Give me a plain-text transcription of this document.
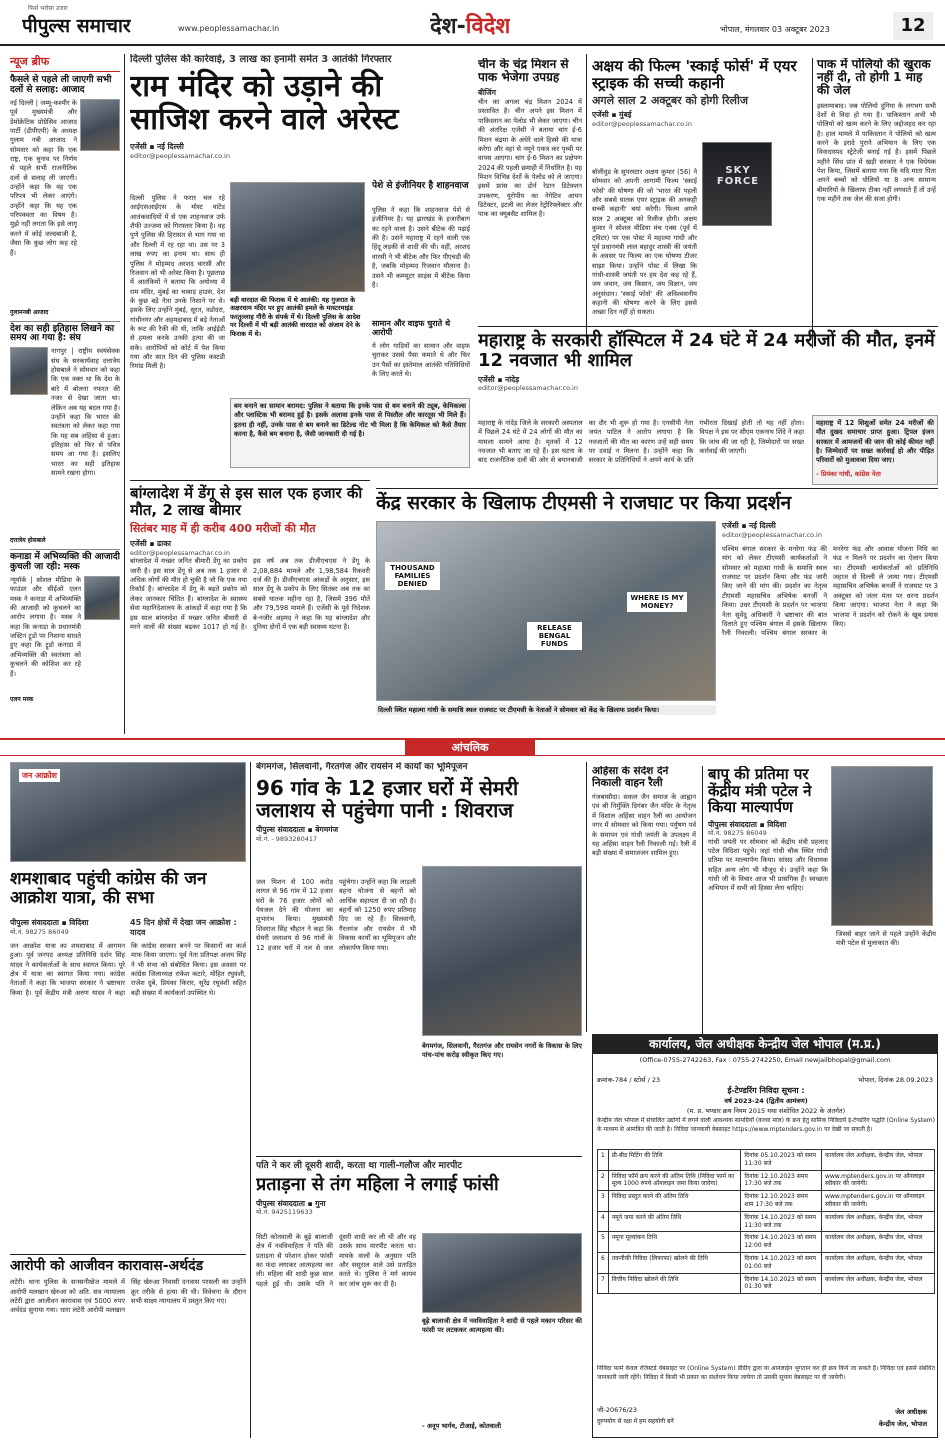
फिर्स भरोसा उजार
पीपुल्स समाचार	www.peoplessamachar.in	देश-विदेश	भोपाल, मंगलवार 03 अक्टूबर 2023	12
न्यूज ब्रीफ
फैसले से पहले ली जाएगी सभी दलों से सलाह: आजाद
नई दिल्ली | जम्मू-कश्मीर के पूर्व मुख्यमंत्री और डेमोक्रेटिक प्रोग्रेसिव आजाद पार्टी (डीपीएपी) के अध्यक्ष गुलाम नबी आजाद ने सोमवार को कहा कि एक राष्ट्र, एक चुनाव पर निर्णय से पहले सभी राजनीतिक दलों से सलाह ली जाएगी। उन्होंने कहा कि वह एक परिपत्र भी लेकर आएंगे। उन्होंने कहा कि यह एक परिपक्वता का विषय है। मुझे नहीं लगता कि इसे लागू करने में कोई जल्दबाजी है, जैसा कि कुछ लोग कह रहे हैं।
गुलामनबी आजाद
देश का सही इतिहास लिखने का समय आ गया है: संघ
नागपुर | राष्ट्रीय स्वयंसेवक संघ के सरकार्यवाह दत्तात्रेय होसबाले ने सोमवार को कहा कि एक वक्त था कि देश के बारे में बोलना नफरत की नजर से देखा जाता था। लेकिन अब यह बदल गया है। उन्होंने कहा कि भारत की स्वतंत्रता को लेकर कहा गया कि यह सब अहिंसा से हुआ। इतिहास को फिर से पवित्र समय आ गया है। इसलिए भारत का सही इतिहास सामने रखना होगा।
दत्तात्रेय होसबाले
कनाडा में अभिव्यक्ति की आजादी कुचली जा रही: मस्क
न्यूयॉर्क | सोशल मीडिया के फाउंडर और सीईओ एलन मस्क ने कनाडा में अभिव्यक्ति की आजादी को कुचलने का आरोप लगाया है। मस्क ने कहा कि कनाडा के प्रधानमंत्री जस्टिन ट्रूडो पर निशाना साधते हुए कहा कि ट्रूडो कनाडा में अभिव्यक्ति की स्वतंत्रता को कुचलने की कोशिश कर रहे हैं।
एलन मस्क
दिल्ली पुलिस की कार्रवाई, 3 लाख का इनामी समेत 3 आतंकी गिरफ्तार
राम मंदिर को उड़ाने की साजिश करने वाले अरेस्ट
एजेंसी ▪ नई दिल्ली
editor@peoplessamachar.co.in
दिल्ली पुलिस ने फरार चल रहे आईएसआईएस के मोस्ट वांटेड आतंकवादियों में से एक शाहनवाज उर्फ शैफी उज्जमा को गिरफ्तार किया है। वह पुणे पुलिस की हिरासत से भाग गया था और दिल्ली में रह रहा था। उस पर 3 लाख रुपए का इनाम था। साथ ही पुलिस ने मोहम्मद अरशद वारसी और रिजवान को भी अरेस्ट किया है। पूछताछ में आतंकियों ने बताया कि अयोध्या में राम मंदिर, मुंबई का चाबाड़ हाउस, देश के कुछ बड़े नेता उनके निशाने पर थे। इसके लिए उन्होंने मुंबई, सूरत, वडोदरा, गांधीनगर और अहमदाबाद में बड़े नेताओं के रूट की रैकी की थी, ताकि आईईडी से हमला करके उनकी हत्या की जा सके। आरोपियों को कोर्ट में पेश किया गया और सात दिन की पुलिस कस्टडी रिमांड मिली है।
बड़ी वारदात की फिराक में थे आतंकी: यह गुजरात के अक्षरधाम मंदिर पर हुए आतंकी हमले के मास्टरमाइंड फरतुल्लाह गौरी के संपर्क में थे। दिल्ली पुलिस के आदेश पर दिल्ली में भी बड़ी आतंकी वारदात को अंजाम देने के फिराक में थे।
पेशे से इंजीनियर है शाहनवाज
पुलिस ने कहा कि शाहनवाज पेशे से इंजीनियर है। यह झारखंड के हजारीबाग का रहने वाला है। उसने बीटेक की पढ़ाई की है। उसने महाराष्ट्र में रहने वाली एक हिंदू लड़की से शादी की थी। वहीं, अरशद वारसी ने भी बीटेक और फिर पीएचडी की है, जबकि मोहम्मद रिजवान मौलाना है। उसने भी कम्प्यूटर साइंस में बीटेक किया है।
सामान और वाइफ चुराते थे आरोपी
ये लोग गाड़ियों का सामान और वाइफ चुराकर उससे पैसा कमाते थे और फिर उन पैसों का इस्तेमाल आतंकी गतिविधियों के लिए करते थे।
बम बनाने का सामान बरामद: पुलिस ने बताया कि इनके पास से बम बनाने की ट्यूब, केमिकल्स और प्लास्टिक भी बरामद हुई है। इसके अलावा इनके पास से पिस्तौल और कारतूस भी मिले हैं। इतना ही नहीं, उनके पास से बम बनाने का डिटेल्ड नोट भी मिला है कि केमिकल को कैसे तैयार करना है, कैसे बम बनाना है, जैसी जानकारी दी गई है।
चीन के चंद्र मिशन से पाक भेजेगा उपग्रह
बीजिंग
चीन का अगला चंद्र मिशन 2024 में प्रस्तावित है। चीन अपने इस मिशन में पाकिस्तान का पेलोड भी लेकर जाएगा। चीन की अंतरिक्ष एजेंसी ने बताया चांग ई-6 मिशन चंद्रमा के अंधेरे वाले हिस्से की यात्रा करेगा और वहां से नमूने एकत्र कर पृथ्वी पर वापस आएगा। चांग ई-6 मिशन का प्रक्षेपण 2024 की पहली छमाही में निर्धारित है। यह मिशन विभिन्न देशों के पेलोड को ले जाएगा। इसमें फ्रांस का डोर्न रेडान डिटेक्शन उपकरण, यूरोपीय का नेगेटिव आयन डिटेक्टर, इटली का लेजर रेट्रोरिफ्लेक्टर और पाक का क्यूबसैट शामिल है।
अक्षय की फिल्म 'स्काई फोर्स' में एयर स्ट्राइक की सच्ची कहानी
अगले साल 2 अक्टूबर को होगी रिलीज
एजेंसी ▪ मुंबई
editor@peoplessamachar.co.in
बॉलीवुड के सुपरस्टार अक्षय कुमार (56) ने सोमवार को अपनी आगामी फिल्म 'स्काई फोर्स' की घोषणा की जो 'भारत की पहली और सबसे घातक एयर स्ट्राइक की अनकही सच्ची कहानी' बयां करेगी। फिल्म अगले साल 2 अक्टूबर को रिलीज होगी। अक्षय कुमार ने सोशल मीडिया मंच एक्स (पूर्व में ट्विटर) पर एक पोस्ट में महात्मा गांधी और पूर्व प्रधानमंत्री लाल बहादुर शास्त्री की जयंती के अवसर पर फिल्म का एक घोषणा टीजर साझा किया। उन्होंने पोस्ट में लिखा कि गांधी-शास्त्री जयंती पर हम देश कह रहे हैं, जय जवान, जय किसान, जय विज्ञान, जय अनुसंधान। 'स्काई फोर्स' की अविश्वसनीय कहानी की घोषणा करने के लिए इससे अच्छा दिन नहीं हो सकता।
SKY FORCE
पाक में पोलियो की खुराक नहीं दी, तो होगी 1 माह की जेल
इस्लामाबाद। जब पोलियो दुनिया के लगभग सभी देशों से विदा हो गया है। पाकिस्तान अभी भी पोलियो को खत्म करने के लिए जद्दोजहद कर रहा है। हाल मामले में पाकिस्तान ने पोलियो को खत्म करने के इरादे पुराने अभियान के लिए एक विवादास्पद स्ट्रेटेजी बनाई गई है। इसमें पिछले महीने सिंध प्रांत में खड़ी सरकार ने एक विधेयक पेश किया, जिसमें बताया गया कि यदि माता पिता अपने बच्चों को पोलियो या 8 अन्य सामान्य बीमारियों के खिलाफ टीका नहीं लगवाते हैं तो उन्हें एक महीने तक जेल की सजा होगी।
महाराष्ट्र के सरकारी हॉस्पिटल में 24 घंटे में 24 मरीजों की मौत, इनमें 12 नवजात भी शामिल
एजेंसी ▪ नांदेड़
editor@peoplessamachar.co.in
महाराष्ट्र के नांदेड़ जिले के सरकारी अस्पताल में पिछले 24 घंटे में 24 लोगों की मौत का मामला सामने आया है। मृतकों में 12 नवजात भी बताए जा रहे हैं। इस घटना के बाद राजनीतिक दलों की ओर से बयानबाजी का दौर भी शुरू हो गया है। एनसीपी नेता जयंत पाटिल ने आरोप लगाया है कि नवजातों की मौत का कारण उन्हें सही समय पर दवाई न मिलना है। उन्होंने कहा कि सरकार के प्रतिनिधियों ने अपने कार्य के प्रति गंभीरता दिखाई होती तो यह नहीं होता। विपक्ष ने इस पर सीएम एकनाथ शिंदे ने कहा कि जांच की जा रही है, जिम्मेदारों पर सख्त कार्रवाई की जाएगी।
महाराष्ट्र में 12 शिशुओं समेत 24 मरीजों की मौत दुखद समाचार प्राप्त हुआ। ट्रिपल इंजन सरकार में आमजनों की जान की कोई कीमत नहीं है। जिम्मेदारों पर सख्त कार्रवाई हो और पीड़ित परिवारों को मुआवजा दिया जाए।
- प्रियंका गांधी, कांग्रेस नेता
बांग्लादेश में डेंगू से इस साल एक हजार की मौत, 2 लाख बीमार
सितंबर माह में ही करीब 400 मरीजों की मौत
एजेंसी ▪ ढाका
editor@peoplessamachar.co.in
बांग्लादेश में मच्छर जनित बीमारी डेंगू का प्रकोप जारी है। इस साल डेंगू से अब तक 1 हजार से अधिक लोगों की मौत हो चुकी है जो कि एक नया रिकॉर्ड है। बांग्लादेश में डेंगू के बढ़ते प्रकोप को लेकर जानकार चिंतित हैं। बांग्लादेश के स्वास्थ्य सेवा महानिदेशालय के आंकड़ों में कहा गया है कि इस साल बांग्लादेश में मच्छर जनित बीमारी से मरने वालों की संख्या बढ़कर 1017 हो गई है। इस वर्ष अब तक डीजीएचएस ने डेंगू के 2,08,884 मामले और 1,98,584 रिकवरी दर्ज की है। डीजीएचएस आंकड़ों के अनुसार, इस साल डेंगू के प्रकोप के लिए सितंबर अब तक का सबसे घातक महीना रहा है, जिसमें 396 मौतें और 79,598 मामले हैं। एजेंसी के पूर्व निदेशक बे-नजीर अहमद ने कहा कि यह बांग्लादेश और दुनिया दोनों में एक बड़ी स्वास्थ्य घटना है।
केंद्र सरकार के खिलाफ टीएमसी ने राजघाट पर किया प्रदर्शन
THOUSAND FAMILIES DENIED
RELEASE BENGAL FUNDS
WHERE IS MY MONEY?
दिल्ली स्थित महात्मा गांधी के समाधि स्थल राजघाट पर टीएमसी के नेताओं ने सोमवार को केंद्र के खिलाफ प्रदर्शन किया।
एजेंसी ▪ नई दिल्ली
editor@peoplessamachar.co.in
पश्चिम बंगाल सरकार के मनरेगा फंड की मांग को लेकर टीएमसी कार्यकर्ताओं ने सोमवार को महात्मा गांधी के समाधि स्थल राजघाट पर प्रदर्शन किया और फंड जारी किए जाने की मांग की। प्रदर्शन का नेतृत्व टीएमसी महासचिव अभिषेक बनर्जी ने किया। उधर टीएमसी के प्रदर्शन पर भाजपा नेता सुवेंदु अधिकारी ने भ्रष्टाचार की बात दिलाते हुए पश्चिम बंगाल में इसके खिलाफ रैली निकाली। पश्चिम बंगाल सरकार के मनरेगा फंड और आवास योजना निधि का फंड न मिलने पर प्रदर्शन का ऐलान किया था। टीएमसी कार्यकर्ताओं को प्रतिनिधि जहाज से दिल्ली ले जाया गया। टीएमसी महासचिव अभिषेक बनर्जी ने राजघाट पर 3 अक्टूबर को जंतर मंतर पर धरना प्रदर्शन किया जाएगा। भाजपा नेता ने कहा कि भाजपा ने प्रदर्शन को रोकने के खूब प्रयास किए।
आंचलिक
जन आक्रोश
शमशाबाद पहुंची कांग्रेस की जन आक्रोश यात्रा, की सभा
पीपुल्स संवाददाता ▪ विदिशा
मो.नं. 98275 86049
45 दिन क्षेत्रों में देखा जन आक्रोश : यादव
जन आक्रोश यात्रा का शमशाबाद में आगमन हुआ। पूर्व जनपद अध्यक्ष प्रतिनिधि दर्शन सिंह यादव ने कार्यकर्ताओं के साथ स्वागत किया। पूरे क्षेत्र में यात्रा का स्वागत किया गया। कांग्रेस नेताओं ने कहा कि भाजपा सरकार ने भ्रष्टाचार किया है। पूर्व केंद्रीय मंत्री अरुण यादव ने कहा कि कांग्रेस सरकार बनने पर किसानों का कर्ज माफ किया जाएगा। पूर्व नेता प्रतिपक्ष अजय सिंह ने भी सभा को संबोधित किया। इस अवसर पर कांग्रेस जिलाध्यक्ष राकेश कटारे, मोहित रघुवंशी, राजेश दुबे, प्रियंका किरार, सुरेंद्र रघुवंशी सहित बड़ी संख्या में कार्यकर्ता उपस्थित थे।
आरोपी को आजीवन कारावास-अर्थदंड
लटेरी। थाना पुलिस के सनसनीखेज मामले में आरोपी मलखान खेरुआ को अति. सत्र न्यायालय लटेरी द्वारा आजीवन कारावास एवं 5000 रुपए अर्थदंड सुनाया गया। धारा लटेरी आरोपी मलखान सिंह खेरुआ निवासी दनवास परसली का उन्होंने क्रूर तरीके से हत्या की थी। विवेचना के दौरान सभी साक्ष्य न्यायालय में प्रस्तुत किए गए।
बेगमगंज, सिलवानी, गैरतगंज और रायसेन में कार्यों का भूमिपूजन
96 गांव के 12 हजार घरों में सेमरी जलाशय से पहुंचेगा पानी : शिवराज
पीपुल्स संवाददाता ▪ बेगमगंज
मो.नं. - 9893280417
जल मिशन से 100 करोड़ लागत से 96 गांव में 12 हजार घरों के 76 हजार लोगों को पेयजल देने की योजना का शुभारंभ किया। मुख्यमंत्री शिवराज सिंह चौहान ने कहा कि सेमरी जलाशय से 96 गांवों के 12 हजार घरों में नल से जल पहुंचेगा। उन्होंने कहा कि लाड़ली बहना योजना से बहनों को आर्थिक सहायता दी जा रही है। बहनों को 1250 रुपए प्रतिमाह दिए जा रहे हैं। सिलवानी, गैरतगंज और रायसेन में भी विकास कार्यों का भूमिपूजन और लोकार्पण किया गया।
बेगमगंज, सिलवानी, गैरतगंज और रायसेन नगरों के विकास के लिए पांच-पांच करोड़ स्वीकृत किए गए।
पति ने कर ली दूसरी शादी, करता था गाली-गलौज और मारपीट
प्रताड़ना से तंग महिला ने लगाई फांसी
पीपुल्स संवाददाता ▪ गुना
मो.नं. 9425119633
सिटी कोतवाली के बूढ़े बालाजी क्षेत्र में नवविवाहिता ने पति की प्रताड़ना से परेशान होकर फांसी का फंदा लगाकर आत्महत्या कर ली। महिला की शादी कुछ साल पहले हुई थी। उसके पति ने दूसरी शादी कर ली थी और वह उसके साथ मारपीट करता था। मायके वालों के अनुसार पति और ससुराल वाले उसे प्रताड़ित करते थे। पुलिस ने मर्ग कायम कर जांच शुरू कर दी है।
बूढ़े बालाजी क्षेत्र में नवविवाहिता ने शादी से पहले मकान परिसर की फांसी पर लटककर आत्महत्या की।
- अनूप भार्गव, टीआई, कोतवाली
अहिंसा के संदेश देने निकाली वाहन रैली
गंजबासौदा। सकल जैन समाज के आह्वान एवं श्री निर्मुक्ति दिगंबर जैन मंदिर के नेतृत्व में विशाल अहिंसा वाहन रैली का आयोजन नगर में सोमवार को किया गया। पर्युषण पर्व के समापन एवं गांधी जयंती के उपलक्ष्य में यह अहिंसा वाहन रैली निकाली गई। रैली में बड़ी संख्या में समाजजन शामिल हुए।
बापू की प्रतिमा पर केंद्रीय मंत्री पटेल ने किया माल्यार्पण
पीपुल्स संवाददाता ▪ विदिशा
मो.नं. 98275 86049
गांधी जयंती पर सोमवार को केंद्रीय मंत्री प्रहलाद पटेल विदिशा पहुंचे। जहां गांधी चौक स्थित गांधी प्रतिमा पर माल्यार्पण किया। सांसद और विधायक सहित अन्य लोग भी मौजूद थे। उन्होंने कहा कि गांधी जी के विचार आज भी प्रासंगिक हैं। स्वच्छता अभियान में सभी को हिस्सा लेना चाहिए।
जिससे बाहर जाने से पहले उन्होंने केंद्रीय मंत्री पटेल से मुलाकात की।
कार्यालय, जेल अधीक्षक केन्द्रीय जेल भोपाल (म.प्र.)
(Office-0755-2742263, Fax : 0755-2742250, Email newjailbhopal@gmail.com
क्रमांक-784 / स्टोर्स / 23	भोपाल, दिनांक 28.09.2023
ई-टेण्डरिंग निविदा सूचना :
वर्ष 2023-24 (द्वितीय आमंत्रण)
(म. प्र. भण्डार क्रय नियम 2015 यथा संशोधित 2022 के अंतर्गत)
केन्द्रीय जेल भोपाल में संचालित उद्योगों में लगने वाली आवश्यक सामग्रियों (कच्चा माल) के क्रय हेतु सामिक निविदायें ई-टेण्डरिंग पद्धति (Online System) के माध्यम से आमंत्रित की जाती है। निविदा जानकारी वेबसाइट https://www.mptenders.gov.in पर देखी जा सकती है।
1	प्री-बीड मिटिंग की तिथि	दिनांक 05.10.2023 को समय 11:30 बजे	कार्यालय जेल अधीक्षक, केन्द्रीय जेल, भोपाल
2	निविदा फॉर्म क्रय करने की अंतिम तिथि (निविदा फार्म का मूल्य 1000 रुपये ऑनलाइन जमा किया जावेगा)	दिनांक 12.10.2023 समय 17:30 बजे तक	www.mptenders.gov.in पर ऑनलाइन स्वीकार की जायेगी।
3	निविदा प्रस्तुत करने की अंतिम तिथि	दिनांक 12.10.2023 समय शाम 17:30 बजे तक	www.mptenders.gov.in पर ऑनलाइन स्वीकार की जायेगी।
4	नमूने जमा करने की अंतिम तिथि	दिनांक 14.10.2023 को समय 11:30 बजे तक	कार्यालय जेल अधीक्षक, केन्द्रीय जेल, भोपाल
5	नमूना मूल्यांकन तिथि	दिनांक 14.10.2023 को समय 12:00 बजे	कार्यालय जेल अधीक्षक, केन्द्रीय जेल, भोपाल
6	तकनीकी निविदा (लिफाफा) खोलने की तिथि	दिनांक 14.10.2023 को समय 01:00 बजे	कार्यालय जेल अधीक्षक, केन्द्रीय जेल, भोपाल
7	वित्तीय निविदा खोलने की तिथि	दिनांक 14.10.2023 को समय 01:30 बजे	कार्यालय जेल अधीक्षक, केन्द्रीय जेल, भोपाल
निविदा फार्म केवल रजिस्टर्ड वेबसाइट पर (Online System) डीडीए द्वारा या आनलाईन भुगतान कर ही क्रय किये जा सकते हैं। निविदा एवं इससे संबंधित जानकारी जारी रहेंगे। निविदा में किसी भी प्रकार का संशोधन किया जायेगा तो उसकी सूचना वेबसाइट पर दी जायेगी।
जी-20676/23
दुरुपयोग से रक्षा में हम सहयोगी बनें
जेल अधीक्षक
केन्द्रीय जेल, भोपाल
